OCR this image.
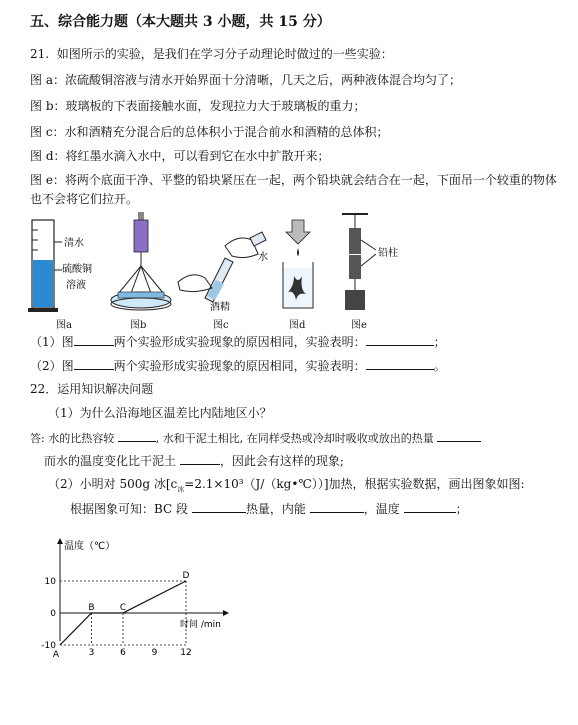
五、综合能力题（本大题共 3 小题，共 15 分）
21. 如图所示的实验，是我们在学习分子动理论时做过的一些实验：
图 a：浓硫酸铜溶液与清水开始界面十分清晰，几天之后，两种液体混合均匀了；
图 b：玻璃板的下表面接触水面，发现拉力大于玻璃板的重力；
图 c：水和酒精充分混合后的总体积小于混合前水和酒精的总体积；
图 d：将红墨水滴入水中，可以看到它在水中扩散开来；
图 e：将两个底面干净、平整的铅块紧压在一起，两个铅块就会结合在一起，下面吊一个较重的物体
也不会将它们拉开。
清水
硫酸铜
溶液
水
酒精
铅柱
图a	图b	图c	图d	图e
（1）图	两个实验形成实验现象的原因相同，实验表明：	；
（2）图	两个实验形成实验现象的原因相同，实验表明：	。
22．运用知识解决问题
（1）为什么沿海地区温差比内陆地区小？
答: 水的比热容较	, 水和干泥土相比, 在同样受热或冷却时吸收或放出的热量
而水的温度变化比干泥土	，因此会有这样的现象;
（2）小明对 500g 冰$[c_冰=2.1\times 10^3(J/(kg•℃))]$加热，根据实验数据，画出图象如图:
根据图象可知：BC 段	热量，内能	，温度	；
温度（℃）
时间 /min
10
0
-10
3	6	9	12
A
B	C
D
